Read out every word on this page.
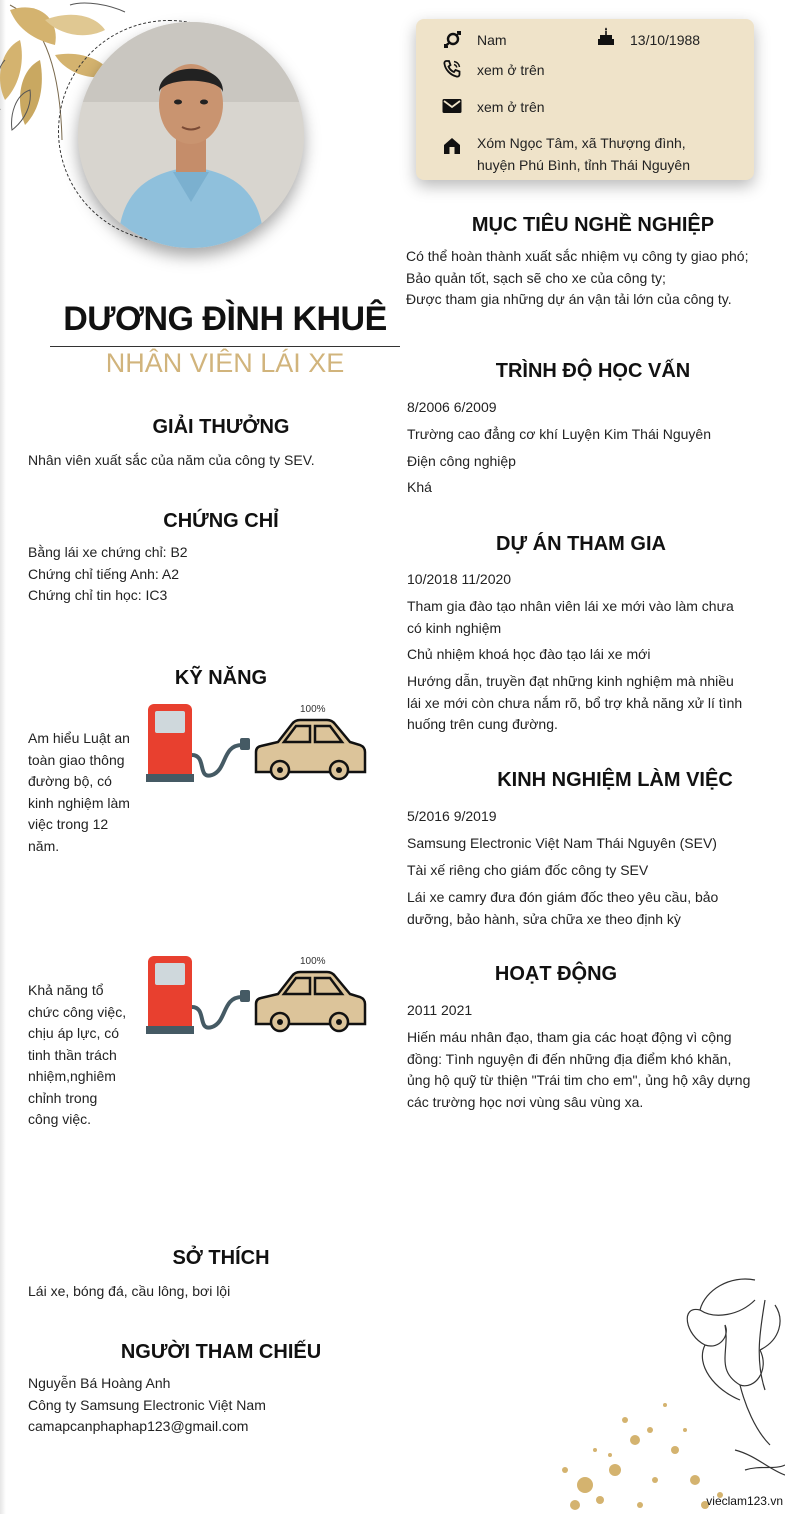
Nam	13/10/1988
xem ở trên
xem ở trên
Xóm Ngọc Tâm, xã Thượng đình,
huyện Phú Bình, tỉnh Thái Nguyên
DƯƠNG ĐÌNH KHUÊ
NHÂN VIÊN LÁI XE
GIẢI THƯỞNG
Nhân viên xuất sắc của năm của công ty SEV.
CHỨNG CHỈ
Bằng lái xe chứng chỉ: B2
Chứng chỉ tiếng Anh: A2
Chứng chỉ tin học: IC3
KỸ NĂNG
Am hiểu Luật an
toàn giao thông
đường bộ, có
kinh nghiệm làm
việc trong 12
năm.
100%
Khả năng tổ
chức công việc,
chịu áp lực, có
tinh thần trách
nhiệm,nghiêm
chỉnh trong
công việc.
100%
SỞ THÍCH
Lái xe, bóng đá, cầu lông, bơi lội
NGƯỜI THAM CHIẾU
Nguyễn Bá Hoàng Anh
Công ty Samsung Electronic Việt Nam
camapcanphaphap123@gmail.com
MỤC TIÊU NGHỀ NGHIỆP
Có thể hoàn thành xuất sắc nhiệm vụ công ty giao phó;
Bảo quản tốt, sạch sẽ cho xe của công ty;
Được tham gia những dự án vận tải lớn của công ty.
TRÌNH ĐỘ HỌC VẤN
8/2006 6/2009
Trường cao đẳng cơ khí Luyện Kim Thái Nguyên
Điện công nghiệp
Khá
DỰ ÁN THAM GIA
10/2018 11/2020
Tham gia đào tạo nhân viên lái xe mới vào làm chưa
có kinh nghiệm
Chủ nhiệm khoá học đào tạo lái xe mới
Hướng dẫn, truyền đạt những kinh nghiệm mà nhiều
lái xe mới còn chưa nắm rõ, bổ trợ khả năng xử lí tình
huống trên cung đường.
KINH NGHIỆM LÀM VIỆC
5/2016 9/2019
Samsung Electronic Việt Nam Thái Nguyên (SEV)
Tài xế riêng cho giám đốc công ty SEV
Lái xe camry đưa đón giám đốc theo yêu cầu, bảo
dưỡng, bảo hành, sửa chữa xe theo định kỳ
HOẠT ĐỘNG
2011 2021
Hiến máu nhân đạo, tham gia các hoạt động vì cộng
đồng: Tình nguyện đi đến những địa điểm khó khăn,
ủng hộ quỹ từ thiện "Trái tim cho em", ủng hộ xây dựng
các trường học nơi vùng sâu vùng xa.
vieclam123.vn
